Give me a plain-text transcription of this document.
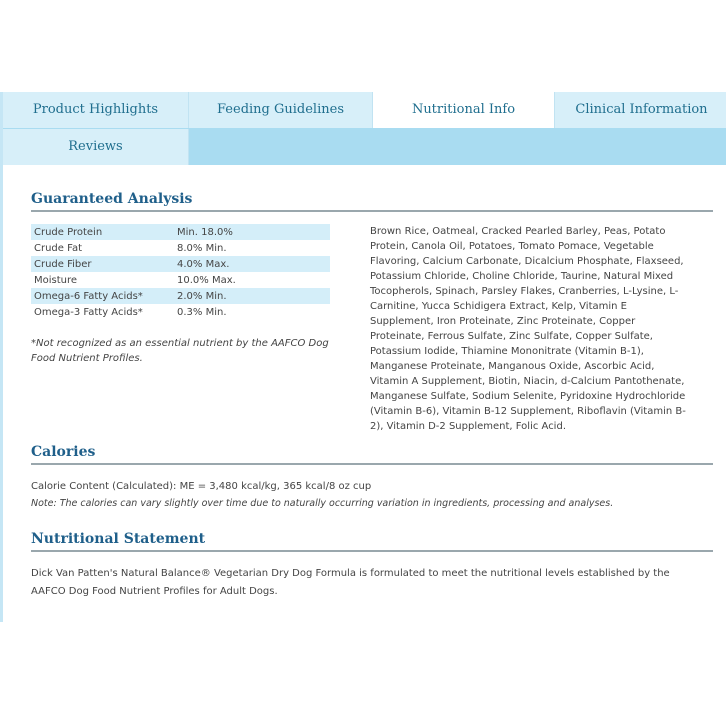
Product Highlights	Feeding Guidelines	Nutritional Info	Clinical Information
Reviews
Guaranteed Analysis
Crude Protein	Min. 18.0%
Crude Fat	8.0% Min.
Crude Fiber	4.0% Max.
Moisture	10.0% Max.
Omega-6 Fatty Acids*	2.0% Min.
Omega-3 Fatty Acids*	0.3% Min.
*Not recognized as an essential nutrient by the AAFCO Dog Food Nutrient Profiles.
Brown Rice, Oatmeal, Cracked Pearled Barley, Peas, Potato Protein, Canola Oil, Potatoes, Tomato Pomace, Vegetable Flavoring, Calcium Carbonate, Dicalcium Phosphate, Flaxseed, Potassium Chloride, Choline Chloride, Taurine, Natural Mixed Tocopherols, Spinach, Parsley Flakes, Cranberries, L-Lysine, L-Carnitine, Yucca Schidigera Extract, Kelp, Vitamin E Supplement, Iron Proteinate, Zinc Proteinate, Copper Proteinate, Ferrous Sulfate, Zinc Sulfate, Copper Sulfate, Potassium Iodide, Thiamine Mononitrate (Vitamin B-1), Manganese Proteinate, Manganous Oxide, Ascorbic Acid, Vitamin A Supplement, Biotin, Niacin, d-Calcium Pantothenate, Manganese Sulfate, Sodium Selenite, Pyridoxine Hydrochloride (Vitamin B-6), Vitamin B-12 Supplement, Riboflavin (Vitamin B-2), Vitamin D-2 Supplement, Folic Acid.
Calories
Calorie Content (Calculated): ME = 3,480 kcal/kg, 365 kcal/8 oz cup
Note: The calories can vary slightly over time due to naturally occurring variation in ingredients, processing and analyses.
Nutritional Statement
Dick Van Patten's Natural Balance® Vegetarian Dry Dog Formula is formulated to meet the nutritional levels established by the AAFCO Dog Food Nutrient Profiles for Adult Dogs.
